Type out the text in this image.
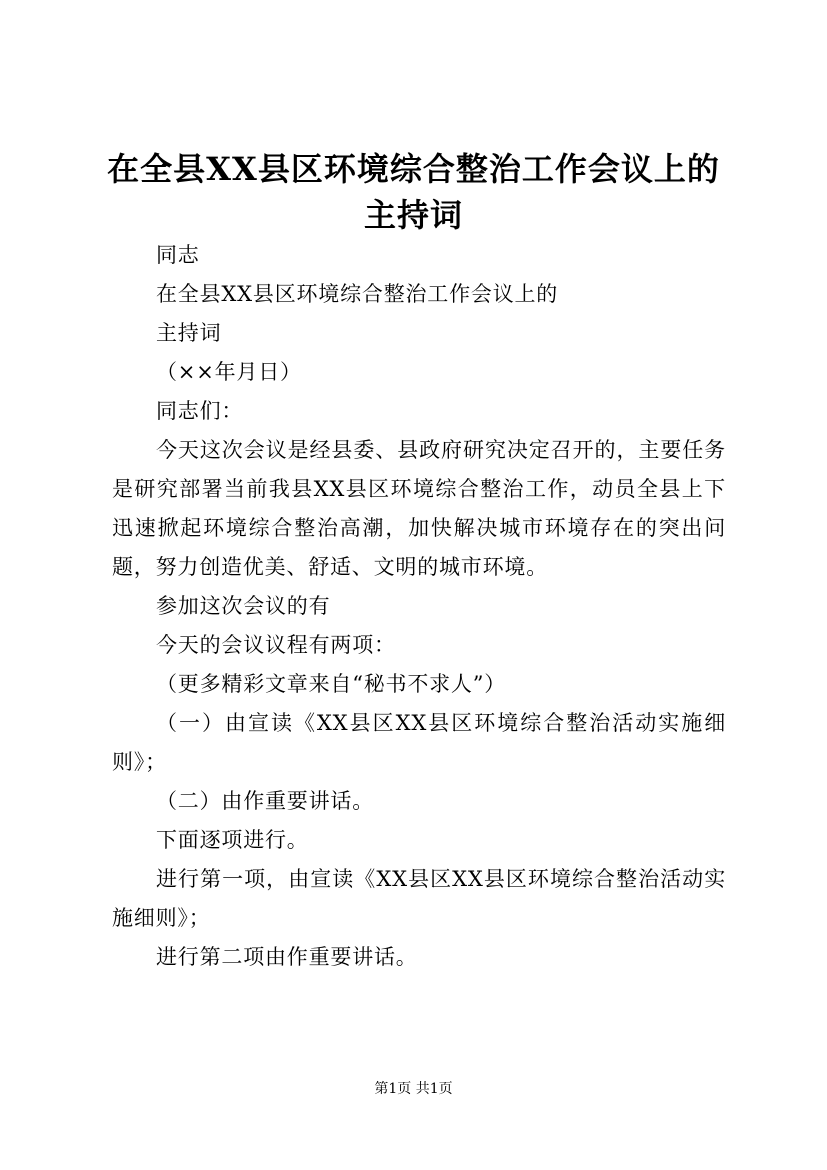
在全县XX县区环境综合整治工作会议上的主持词

同志

在全县XX县区环境综合整治工作会议上的

主持词

（××年月日）

同志们：

今天这次会议是经县委、县政府研究决定召开的，主要任务是研究部署当前我县XX县区环境综合整治工作，动员全县上下迅速掀起环境综合整治高潮，加快解决城市环境存在的突出问题，努力创造优美、舒适、文明的城市环境。

参加这次会议的有

今天的会议议程有两项：

（更多精彩文章来自“秘书不求人”）

（一）由宣读《XX县区XX县区环境综合整治活动实施细则》；

（二）由作重要讲话。

下面逐项进行。

进行第一项，由宣读《XX县区XX县区环境综合整治活动实施细则》；

进行第二项由作重要讲话。

第1页 共1页
